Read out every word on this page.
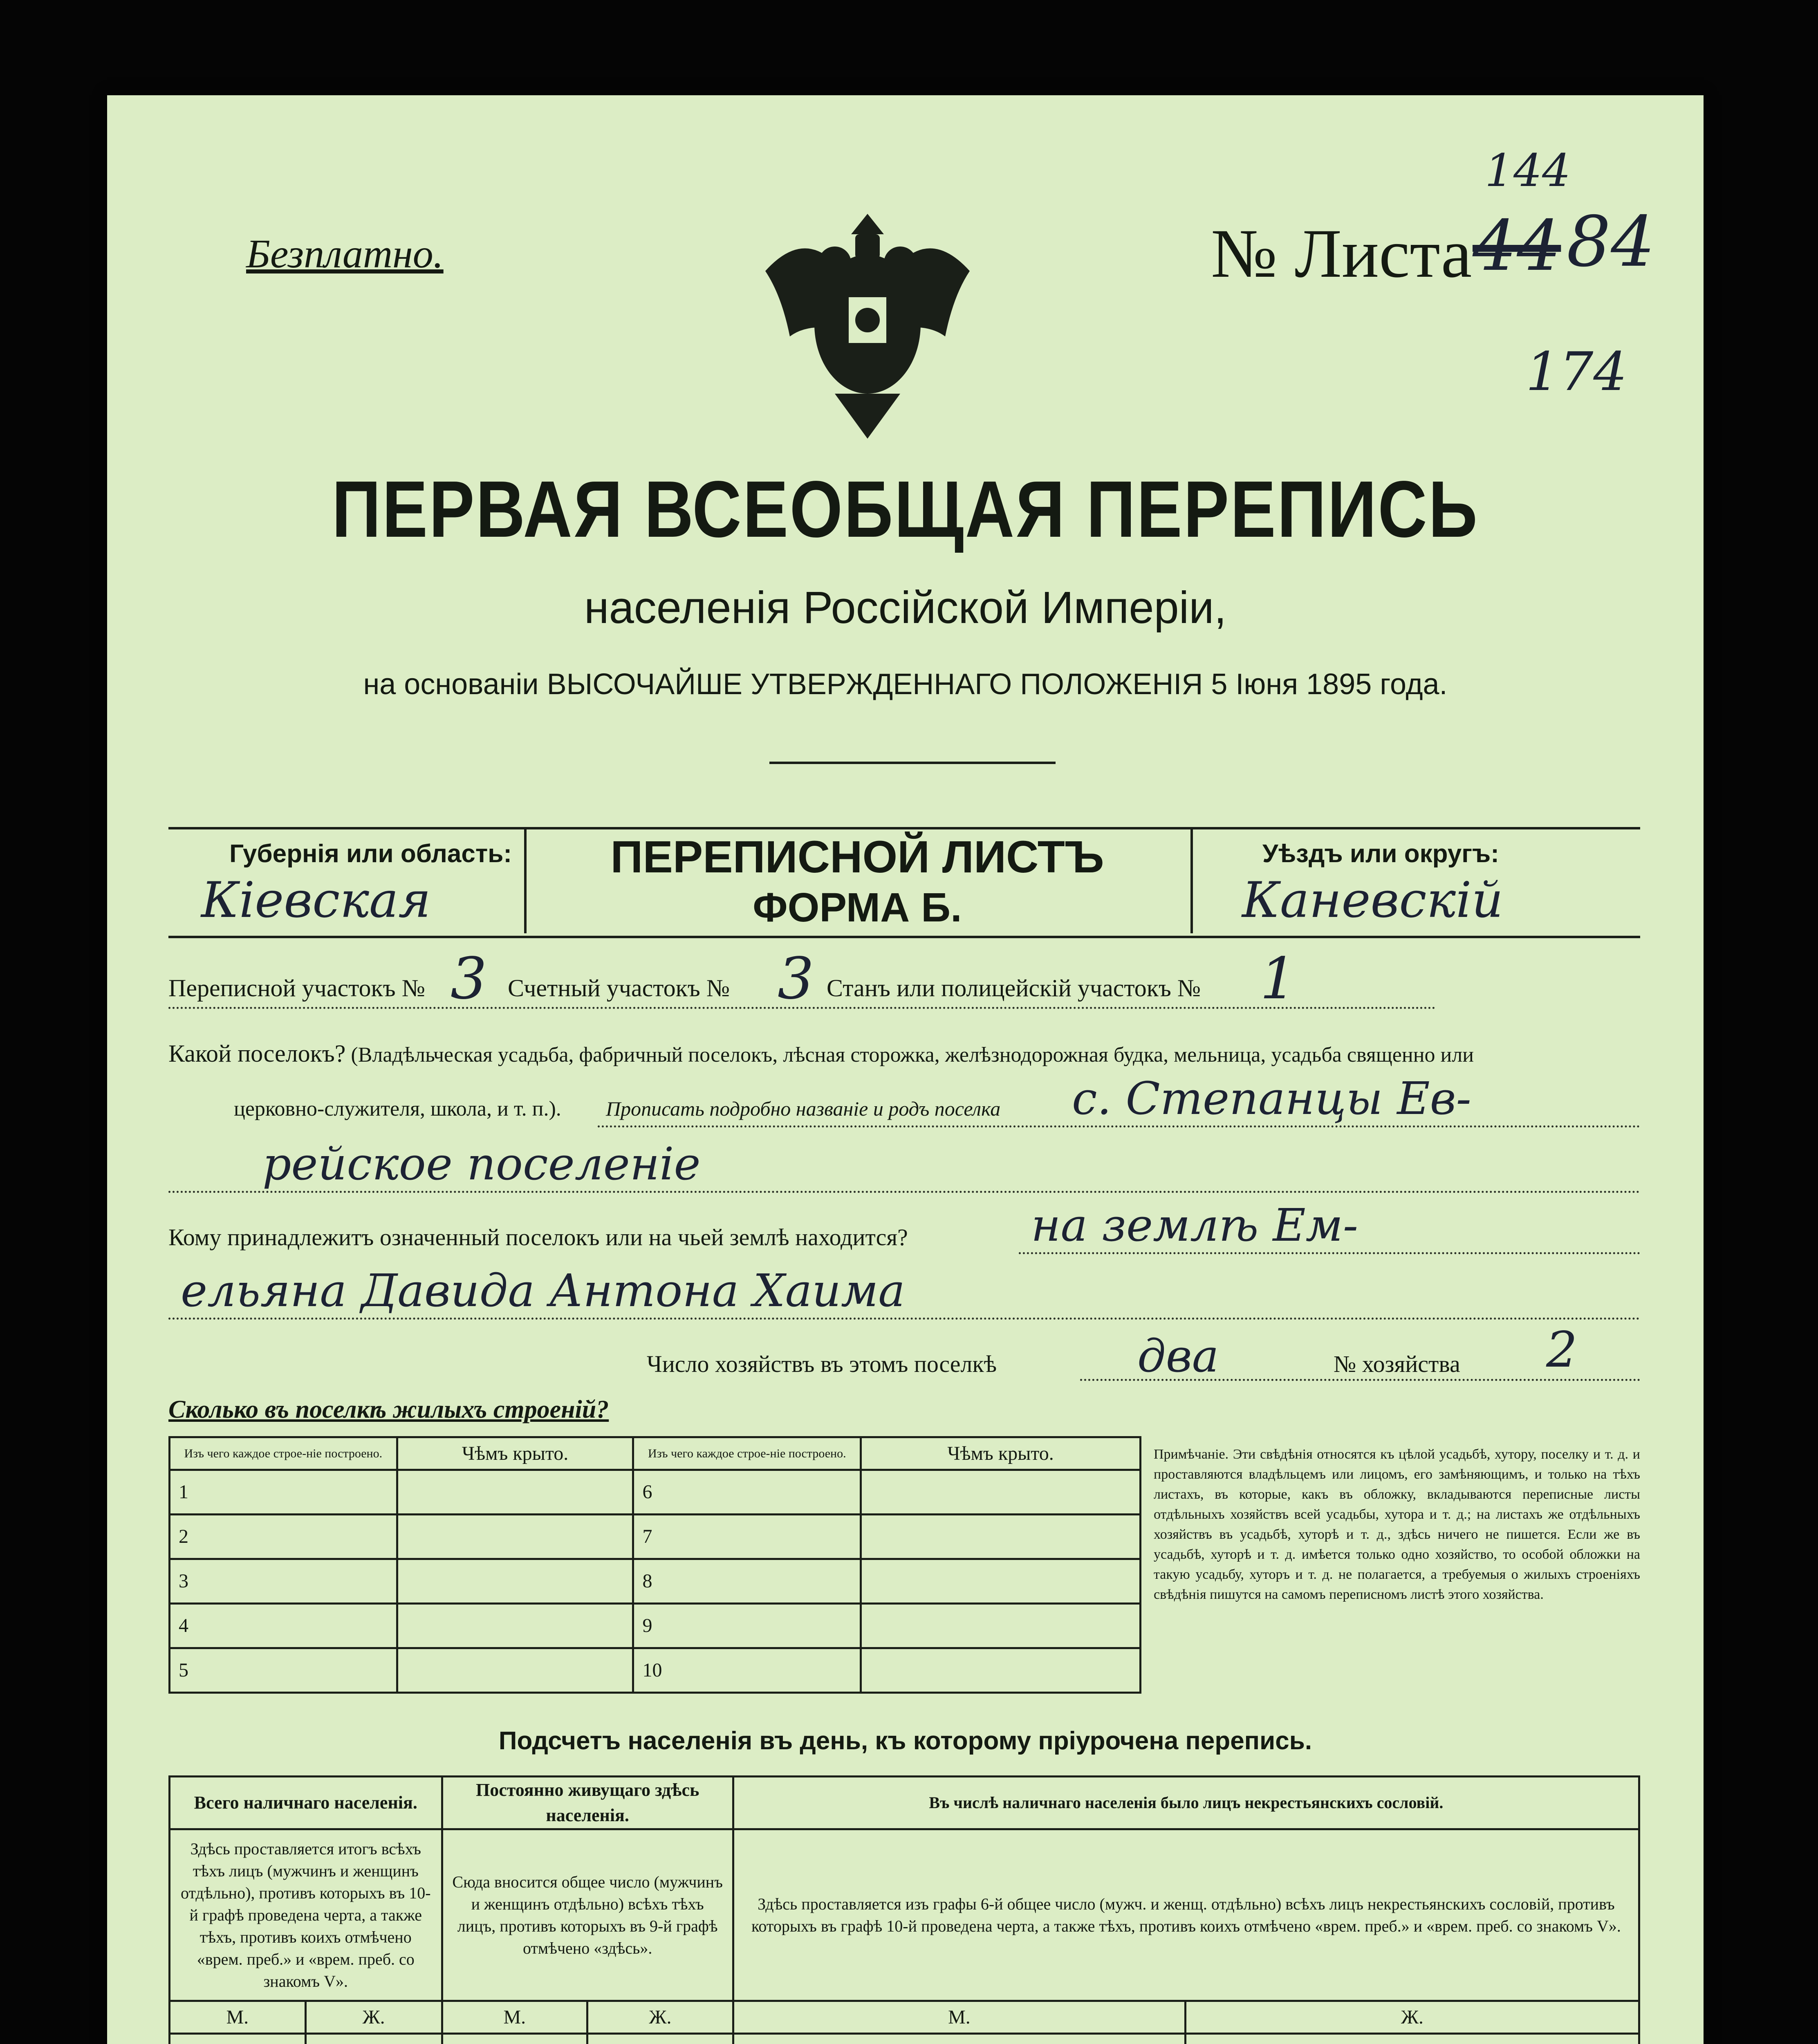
144
174
Безплатно.	№ Листа 44 84
ПЕРВАЯ ВСЕОБЩАЯ ПЕРЕПИСЬ
населенія Россійской Имперіи,
на основаніи ВЫСОЧАЙШЕ УТВЕРЖДЕННАГО ПОЛОЖЕНІЯ 5 Іюня 1895 года.
Губернія или область:
Кіевская
ПЕРЕПИСНОЙ ЛИСТЪ
ФОРМА Б.
Уѣздъ или округъ:
Каневскій
Переписной участокъ № 3 Счетный участокъ № 3 Станъ или полицейскій участокъ № 1
Какой поселокъ? (Владѣльческая усадьба, фабричный поселокъ, лѣсная сторожка, желѣзнодорожная будка, мельница, усадьба священно или
церковно-служителя, школа, и т. п.). Прописать подробно названіе и родъ поселка с. Степанцы Ев-
рейское поселеніе
Кому принадлежитъ означенный поселокъ или на чьей землѣ находится?	на землѣ Ем-
ельяна Давида Антона Хаима
Число хозяйствъ въ этомъ поселкѣ	два	№ хозяйства 2
Сколько въ поселкѣ жилыхъ строеній?
Изъ чего каждое строе-ніе построено.	Чѣмъ крыто.	Изъ чего каждое строе-ніе построено.	Чѣмъ крыто.
1		6	
2		7	
3		8	
4		9	
5		10	
Примѣчаніе. Эти свѣдѣнія относятся къ цѣлой усадьбѣ, хутору, поселку и т. д. и проставляются владѣльцемъ или лицомъ, его замѣняющимъ, и только на тѣхъ листахъ, въ которые, какъ въ обложку, вкладываются переписные листы отдѣльныхъ хозяйствъ всей усадьбы, хутора и т. д.; на листахъ же отдѣльныхъ хозяйствъ въ усадьбѣ, хуторѣ и т. д., здѣсь ничего не пишется. Если же въ усадьбѣ, хуторѣ и т. д. имѣется только одно хозяйство, то особой обложки на такую усадьбу, хуторъ и т. д. не полагается, а требуемыя о жилыхъ строеніяхъ свѣдѣнія пишутся на самомъ переписномъ листѣ этого хозяйства.
Подсчетъ населенія въ день, къ которому пріурочена перепись.
Всего наличнаго населенія.		Постоянно живущаго здѣсь населенія.		Въ числѣ наличнаго населенія было лицъ некрестьянскихъ сословій.	
Здѣсь проставляется итогъ всѣхъ тѣхъ лицъ (мужчинъ и женщинъ отдѣльно), противъ которыхъ въ 10-й графѣ проведена черта, а также тѣхъ, противъ коихъ отмѣчено «врем. преб.» и «врем. преб. со знакомъ V».		Сюда вносится общее число (мужчинъ и женщинъ отдѣльно) всѣхъ тѣхъ лицъ, противъ которыхъ въ 9-й графѣ отмѣчено «здѣсь».		Здѣсь проставляется изъ графы 6-й общее число (мужч. и женщ. отдѣльно) всѣхъ лицъ некрестьянскихъ сословій, противъ которыхъ въ графѣ 10-й проведена черта, а также тѣхъ, противъ коихъ отмѣчено «врем. преб.» и «врем. преб. со знакомъ V».	
М.	Ж.	М.	Ж.	М.	Ж.
